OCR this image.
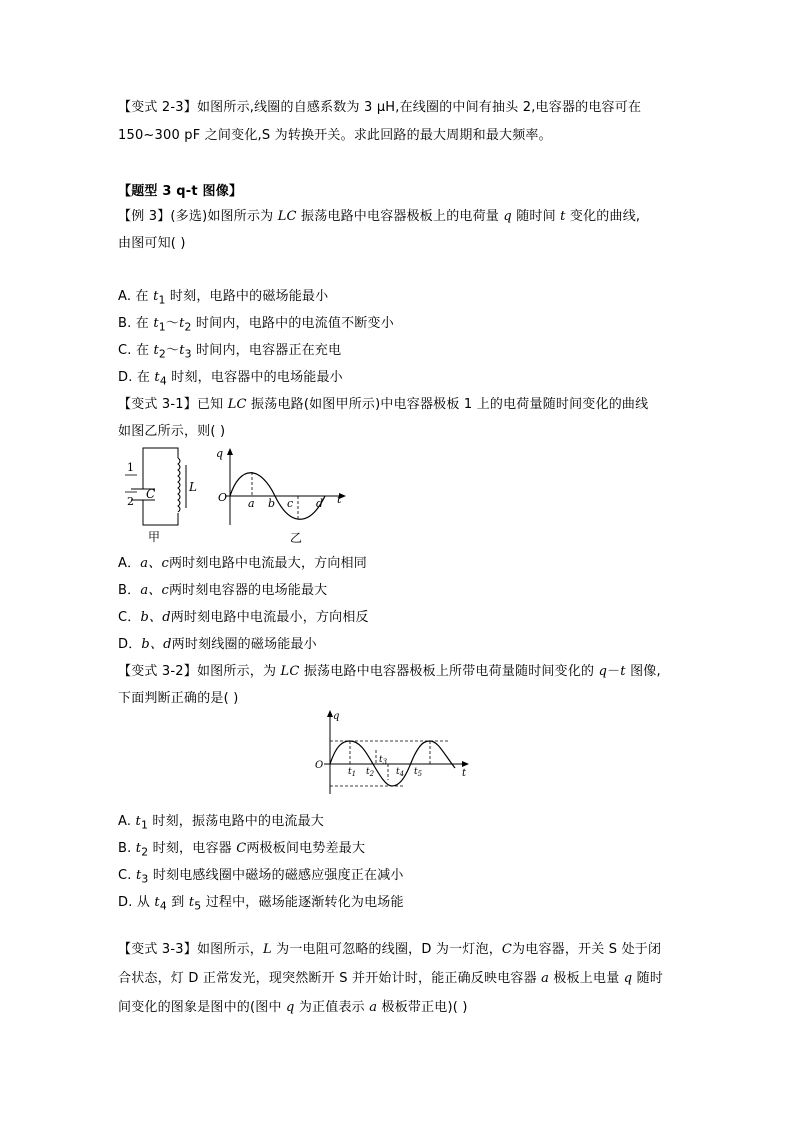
【变式 2-3】如图所示,线圈的自感系数为 3 μH,在线圈的中间有抽头 2,电容器的电容可在
150~300 pF 之间变化,S 为转换开关。求此回路的最大周期和最大频率。
【题型 3 q-t 图像】
【例 3】(多选)如图所示为 LC 振荡电路中电容器极板上的电荷量 q 随时间 t 变化的曲线,
由图可知( )
A. 在 $t_1$ 时刻，电路中的磁场能最小
B. 在 $t_1\sim t_2$ 时间内，电路中的电流值不断变小
C. 在 $t_2\sim t_3$ 时间内，电容器正在充电
D. 在 $t_4$ 时刻，电容器中的电场能最小
【变式 3-1】已知 LC 振荡电路(如图甲所示)中电容器极板 1 上的电荷量随时间变化的曲线
如图乙所示，则( )
1
2
C	L
甲
q
O a b c d t
乙
A．a、c两时刻电路中电流最大，方向相同
B．a、c两时刻电容器的电场能最大
C．b、d两时刻电路中电流最小，方向相反
D．b、d两时刻线圈的磁场能最小
【变式 3-2】如图所示，为 LC 振荡电路中电容器极板上所带电荷量随时间变化的 q－t 图像,
下面判断正确的是( )
q
O
t
$t_1$ $t_2$
$t_3$
$t_4$ $t_5$
A. $t_1$ 时刻，振荡电路中的电流最大
B. $t_2$ 时刻，电容器 C两极板间电势差最大
C. $t_3$ 时刻电感线圈中磁场的磁感应强度正在减小
D. 从 $t_4$ 到 $t_5$ 过程中，磁场能逐渐转化为电场能
【变式 3-3】如图所示，L 为一电阻可忽略的线圈，D 为一灯泡，C为电容器，开关 S 处于闭
合状态，灯 D 正常发光，现突然断开 S 并开始计时，能正确反映电容器 a 极板上电量 q 随时
间变化的图象是图中的(图中 q 为正值表示 a 极板带正电)( )
